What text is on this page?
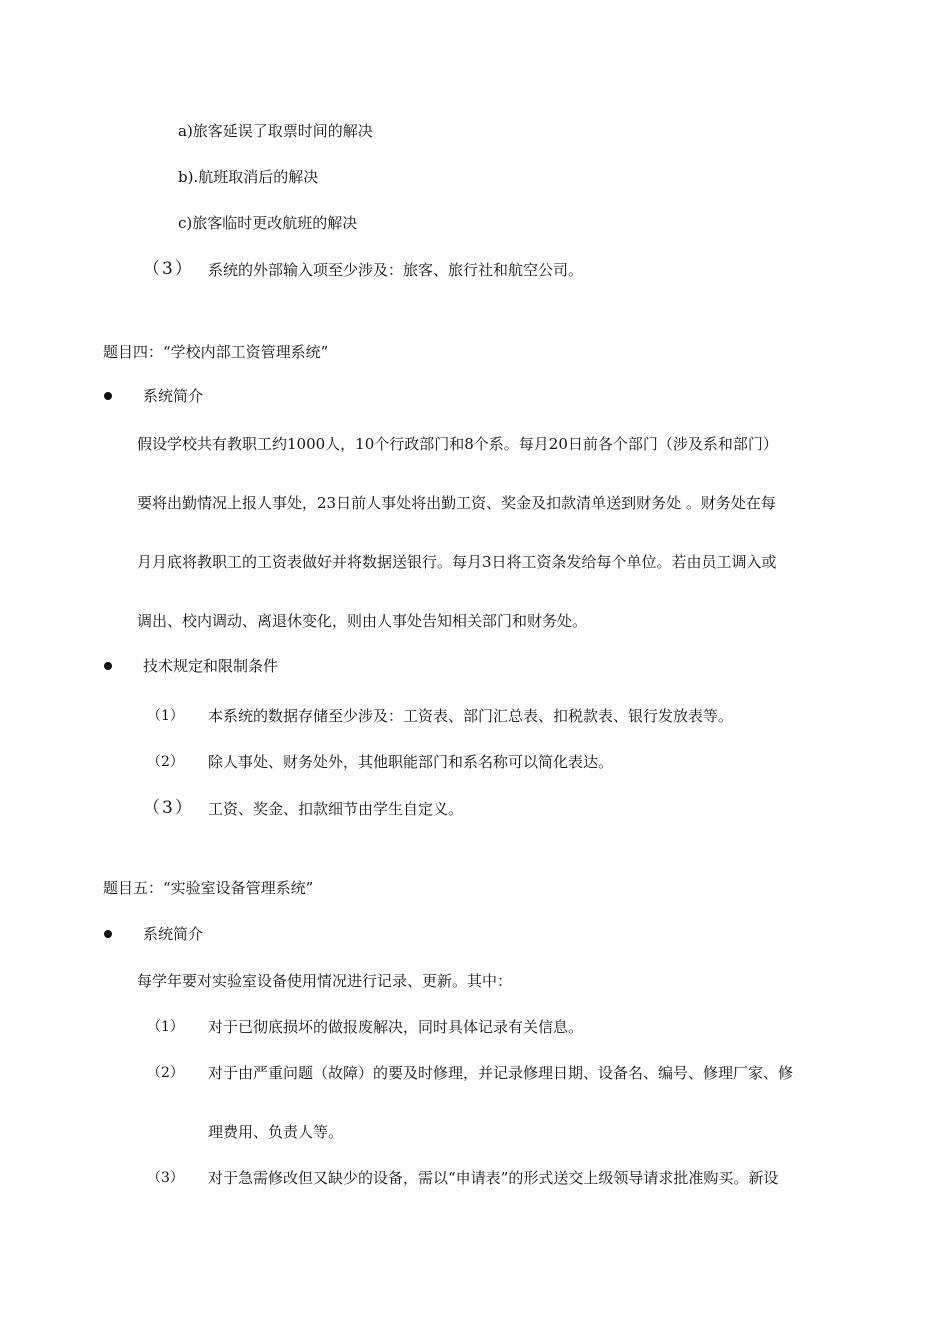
a)旅客延误了取票时间的解决
b).航班取消后的解决
c)旅客临时更改航班的解决
（3） 系统的外部输入项至少涉及：旅客、旅行社和航空公司。
题目四：“学校内部工资管理系统”
系统简介
假设学校共有教职工约1000人，10个行政部门和8个系。每月20日前各个部门（涉及系和部门）
要将出勤情况上报人事处，23日前人事处将出勤工资、奖金及扣款清单送到财务处 。财务处在每
月月底将教职工的工资表做好并将数据送银行。每月3日将工资条发给每个单位。若由员工调入或
调出、校内调动、离退休变化，则由人事处告知相关部门和财务处。
技术规定和限制条件
（1） 本系统的数据存储至少涉及：工资表、部门汇总表、扣税款表、银行发放表等。
（2） 除人事处、财务处外，其他职能部门和系名称可以简化表达。
（3） 工资、奖金、扣款细节由学生自定义。
题目五：“实验室设备管理系统”
系统简介
每学年要对实验室设备使用情况进行记录、更新。其中：
（1） 对于已彻底损坏的做报废解决，同时具体记录有关信息。
（2） 对于由严重问题（故障）的要及时修理，并记录修理日期、设备名、编号、修理厂家、修
理费用、负责人等。
（3） 对于急需修改但又缺少的设备，需以“申请表”的形式送交上级领导请求批准购买。新设
